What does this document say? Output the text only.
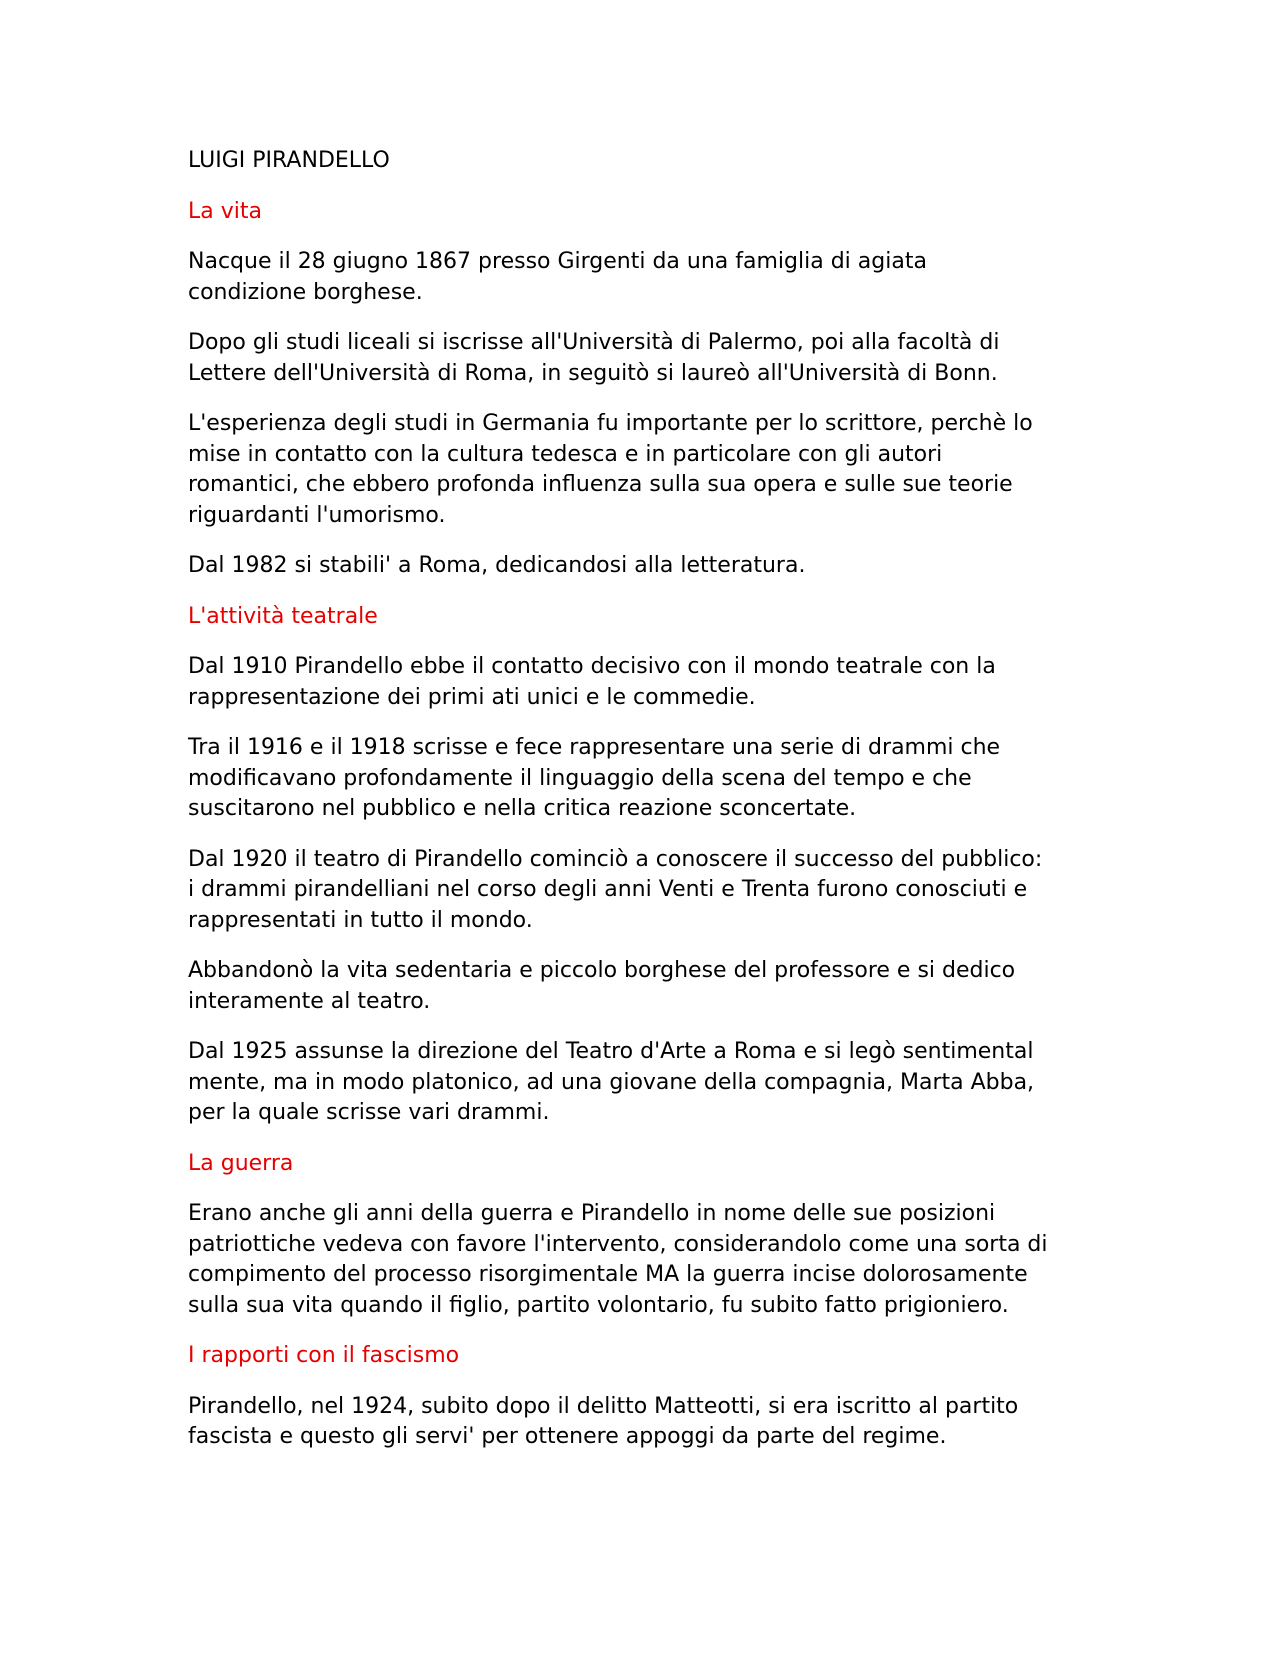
LUIGI PIRANDELLO
La vita

Nacque il 28 giugno 1867 presso Girgenti da una famiglia di agiata
condizione borghese.

Dopo gli studi liceali si iscrisse all'Università di Palermo, poi alla facoltà di
Lettere dell'Università di Roma, in seguitò si laureò all'Università di Bonn.

L'esperienza degli studi in Germania fu importante per lo scrittore, perchè lo
mise in contatto con la cultura tedesca e in particolare con gli autori
romantici, che ebbero profonda influenza sulla sua opera e sulle sue teorie
riguardanti l'umorismo.

Dal 1982 si stabili' a Roma, dedicandosi alla letteratura.

L'attività teatrale

Dal 1910 Pirandello ebbe il contatto decisivo con il mondo teatrale con la
rappresentazione dei primi ati unici e le commedie.

Tra il 1916 e il 1918 scrisse e fece rappresentare una serie di drammi che
modificavano profondamente il linguaggio della scena del tempo e che
suscitarono nel pubblico e nella critica reazione sconcertate.

Dal 1920 il teatro di Pirandello cominciò a conoscere il successo del pubblico:
i drammi pirandelliani nel corso degli anni Venti e Trenta furono conosciuti e
rappresentati in tutto il mondo.

Abbandonò la vita sedentaria e piccolo borghese del professore e si dedico
interamente al teatro.

Dal 1925 assunse la direzione del Teatro d'Arte a Roma e si legò sentimental
mente, ma in modo platonico, ad una giovane della compagnia, Marta Abba,
per la quale scrisse vari drammi.

La guerra

Erano anche gli anni della guerra e Pirandello in nome delle sue posizioni
patriottiche vedeva con favore l'intervento, considerandolo come una sorta di
compimento del processo risorgimentale MA la guerra incise dolorosamente
sulla sua vita quando il figlio, partito volontario, fu subito fatto prigioniero.

I rapporti con il fascismo

Pirandello, nel 1924, subito dopo il delitto Matteotti, si era iscritto al partito
fascista e questo gli servi' per ottenere appoggi da parte del regime.
